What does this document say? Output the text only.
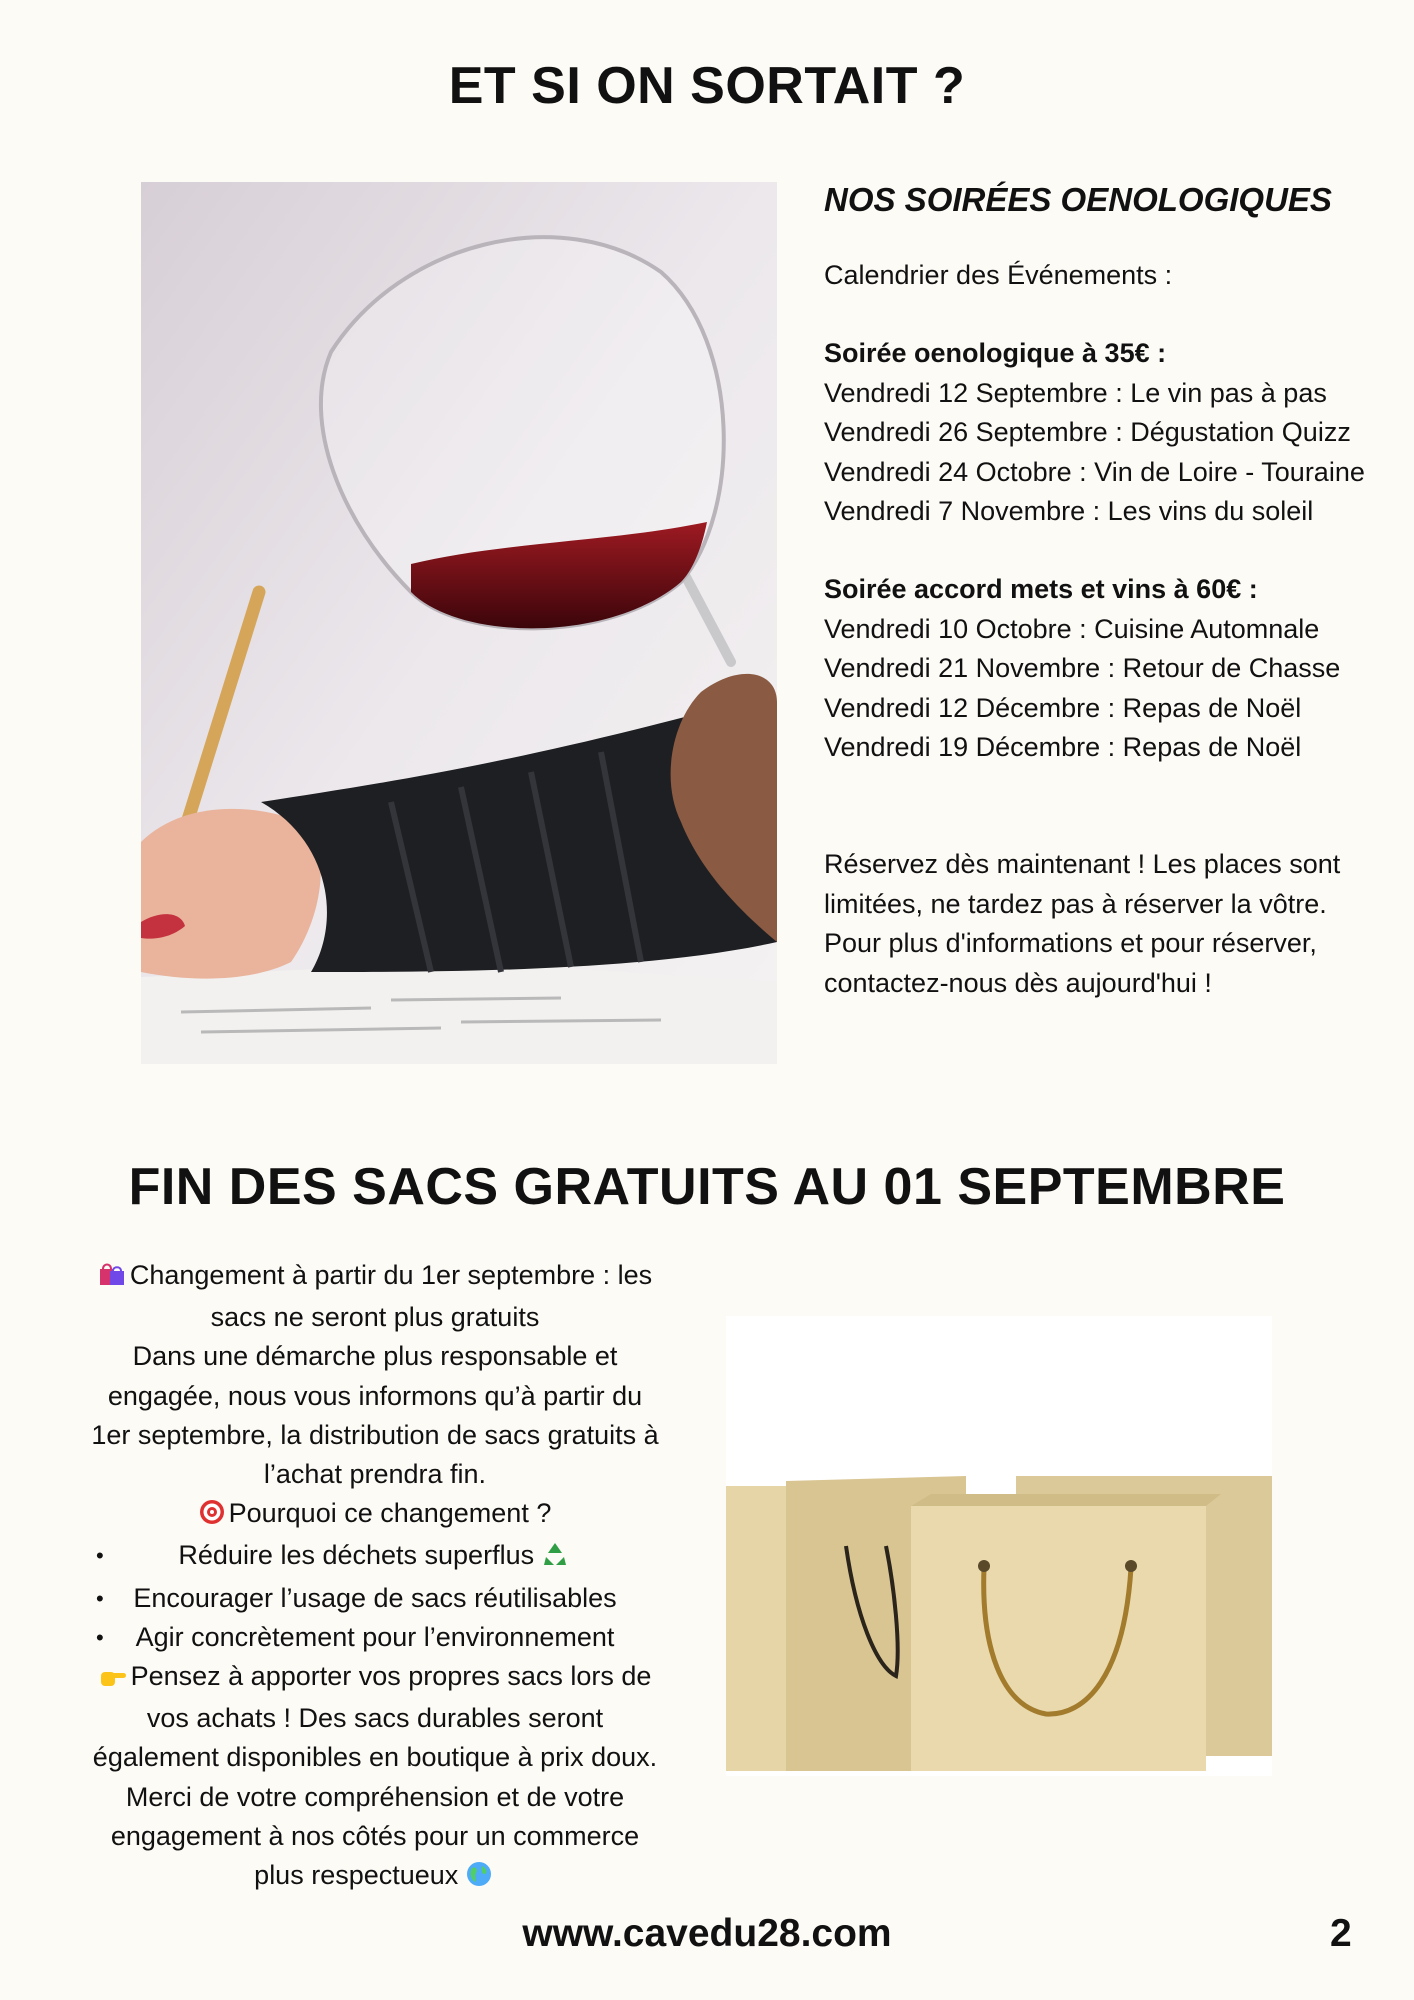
ET SI ON SORTAIT ?
NOS SOIRÉES OENOLOGIQUES
Calendrier des Événements :
Soirée oenologique à 35€ :
Vendredi 12 Septembre : Le vin pas à pas
Vendredi 26 Septembre : Dégustation Quizz
Vendredi 24 Octobre : Vin de Loire - Touraine
Vendredi 7 Novembre : Les vins du soleil
Soirée accord mets et vins à 60€ :
Vendredi 10 Octobre : Cuisine Automnale
Vendredi 21 Novembre : Retour de Chasse
Vendredi 12 Décembre : Repas de Noël
Vendredi 19 Décembre : Repas de Noël
Réservez dès maintenant ! Les places sont
limitées, ne tardez pas à réserver la vôtre.
Pour plus d'informations et pour réserver,
contactez-nous dès aujourd'hui !
FIN DES SACS GRATUITS AU 01 SEPTEMBRE
Changement à partir du 1er septembre : les
sacs ne seront plus gratuits
Dans une démarche plus responsable et
engagée, nous vous informons qu’à partir du
1er septembre, la distribution de sacs gratuits à
l’achat prendra fin.
Pourquoi ce changement ?
• Réduire les déchets superflus
• Encourager l’usage de sacs réutilisables
• Agir concrètement pour l’environnement
Pensez à apporter vos propres sacs lors de
vos achats ! Des sacs durables seront
également disponibles en boutique à prix doux.
Merci de votre compréhension et de votre
engagement à nos côtés pour un commerce
plus respectueux
www.cavedu28.com	2
